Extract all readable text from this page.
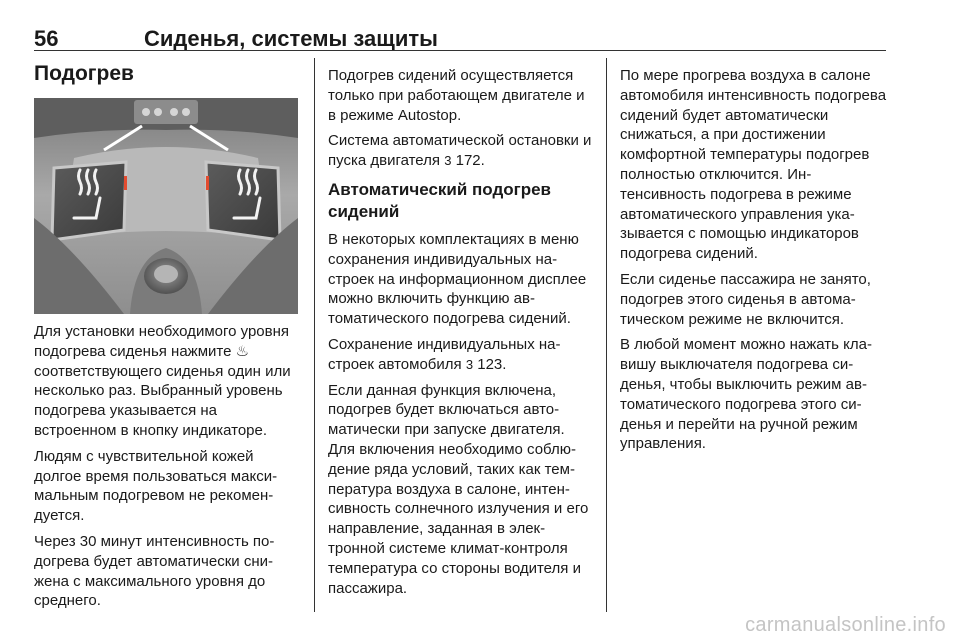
56	Сиденья, системы защиты
Подогрев

Для установки необходимого уровня подогрева сиденья нажмите ♨ соответствующего сиденья один или несколько раз. Выбранный уровень подогрева указывается на встроенном в кнопку индикаторе.

Людям с чувствительной кожей долгое время пользоваться максимальным подогревом не рекомендуется.

Через 30 минут интенсивность подогрева будет автоматически снижена с максимального уровня до среднего.

Подогрев сидений осуществляется только при работающем двигателе и в режиме Autostop.

Система автоматической остановки и пуска двигателя 3 172.

Автоматический подогрев сидений

В некоторых комплектациях в меню сохранения индивидуальных настроек на информационном дисплее можно включить функцию автоматического подогрева сидений.

Сохранение индивидуальных настроек автомобиля 3 123.

Если данная функция включена, подогрев будет включаться автоматически при запуске двигателя. Для включения необходимо соблюдение ряда условий, таких как температура воздуха в салоне, интенсивность солнечного излучения и его направление, заданная в электронной системе климат-контроля температура со стороны водителя и пассажира.

По мере прогрева воздуха в салоне автомобиля интенсивность подогрева сидений будет автоматически снижаться, а при достижении комфортной температуры подогрев полностью отключится. Интенсивность подогрева в режиме автоматического управления указывается с помощью индикаторов подогрева сидений.

Если сиденье пассажира не занято, подогрев этого сиденья в автоматическом режиме не включится.

В любой момент можно нажать клавишу выключателя подогрева сиденья, чтобы выключить режим автоматического подогрева этого сиденья и перейти на ручной режим управления.

carmanualsonline.info
